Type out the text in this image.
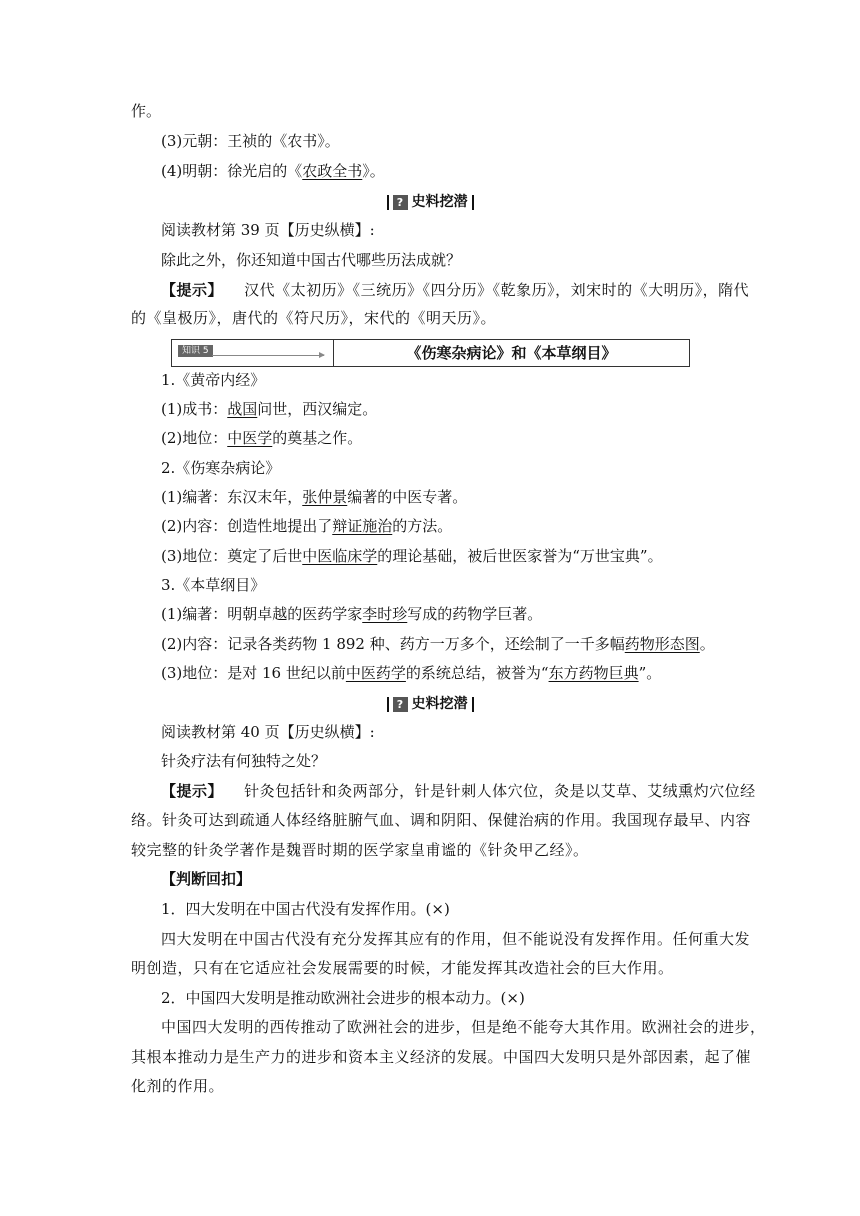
作。
(3)元朝：王祯的《农书》。
(4)明朝：徐光启的《农政全书》。
? 史料挖潜
阅读教材第 39 页【历史纵横】:
除此之外，你还知道中国古代哪些历法成就？
【提示】 汉代《太初历》《三统历》《四分历》《乾象历》，刘宋时的《大明历》，隋代
的《皇极历》，唐代的《符尺历》，宋代的《明天历》。
知识 5	《伤寒杂病论》和《本草纲目》
1.《黄帝内经》
(1)成书：战国问世，西汉编定。
(2)地位：中医学的奠基之作。
2.《伤寒杂病论》
(1)编著：东汉末年，张仲景编著的中医专著。
(2)内容：创造性地提出了辩证施治的方法。
(3)地位：奠定了后世中医临床学的理论基础，被后世医家誉为“万世宝典”。
3.《本草纲目》
(1)编著：明朝卓越的医药学家李时珍写成的药物学巨著。
(2)内容：记录各类药物 1 892 种、药方一万多个，还绘制了一千多幅药物形态图。
(3)地位：是对 16 世纪以前中医药学的系统总结，被誉为“东方药物巨典”。
? 史料挖潜
阅读教材第 40 页【历史纵横】:
针灸疗法有何独特之处？
【提示】 针灸包括针和灸两部分，针是针刺人体穴位，灸是以艾草、艾绒熏灼穴位经
络。针灸可达到疏通人体经络脏腑气血、调和阴阳、保健治病的作用。我国现存最早、内容
较完整的针灸学著作是魏晋时期的医学家皇甫谧的《针灸甲乙经》。
【判断回扣】
1．四大发明在中国古代没有发挥作用。(×)
四大发明在中国古代没有充分发挥其应有的作用，但不能说没有发挥作用。任何重大发
明创造，只有在它适应社会发展需要的时候，才能发挥其改造社会的巨大作用。
2．中国四大发明是推动欧洲社会进步的根本动力。(×)
中国四大发明的西传推动了欧洲社会的进步，但是绝不能夸大其作用。欧洲社会的进步，
其根本推动力是生产力的进步和资本主义经济的发展。中国四大发明只是外部因素，起了催
化剂的作用。
